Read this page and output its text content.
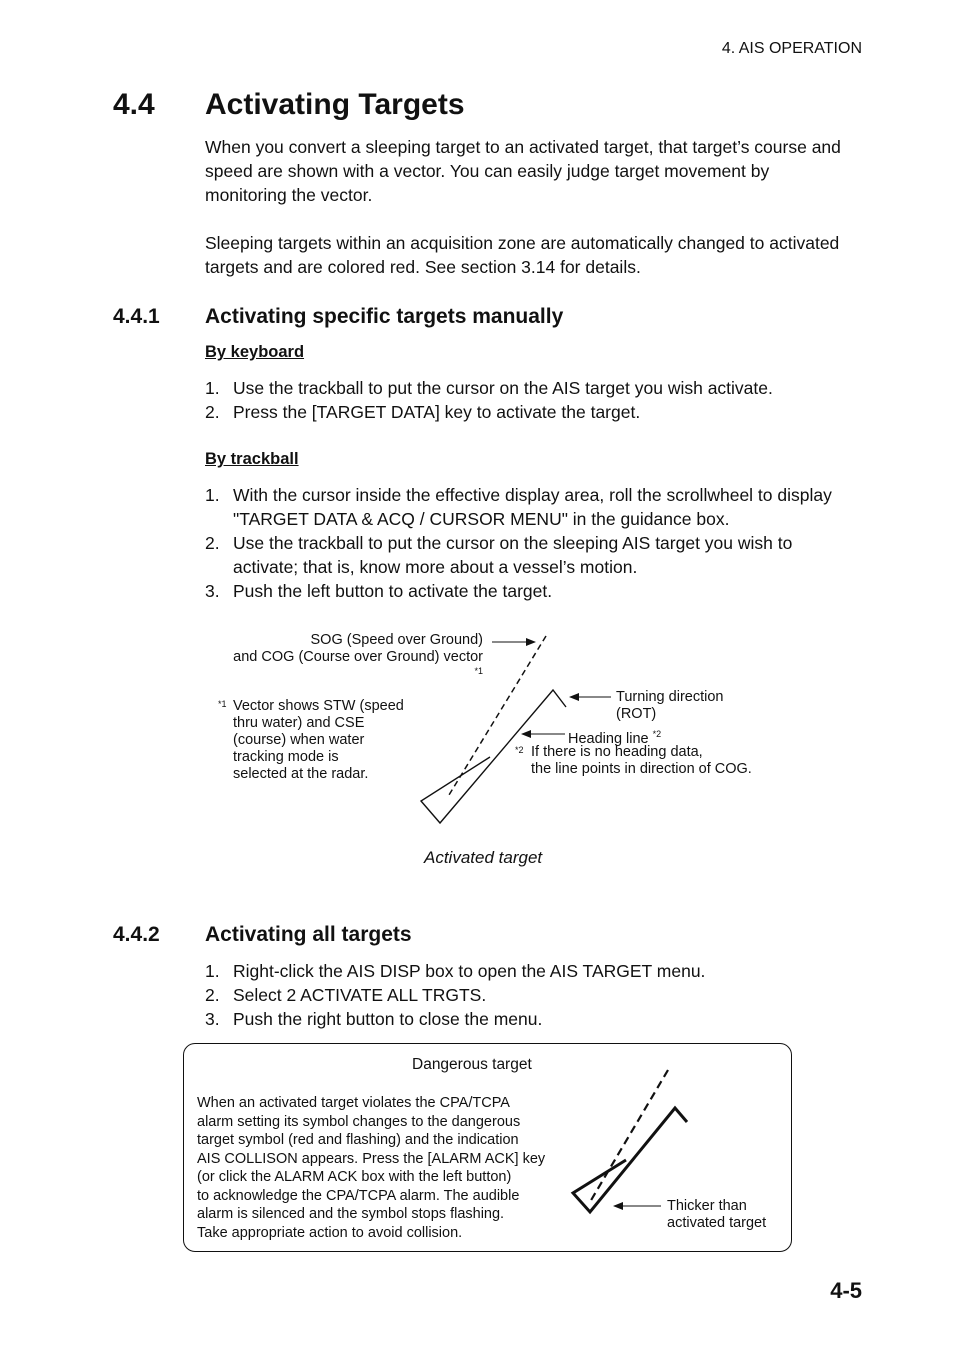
4. AIS OPERATION
4.4 Activating Targets
When you convert a sleeping target to an activated target, that target’s course and speed are shown with a vector. You can easily judge target movement by monitoring the vector.
Sleeping targets within an acquisition zone are automatically changed to activated targets and are colored red. See section 3.14 for details.
4.4.1 Activating specific targets manually
By keyboard
1. Use the trackball to put the cursor on the AIS target you wish activate.
2. Press the [TARGET DATA] key to activate the target.
By trackball
1. With the cursor inside the effective display area, roll the scrollwheel to display "TARGET DATA & ACQ / CURSOR MENU" in the guidance box.
2. Use the trackball to put the cursor on the sleeping AIS target you wish to activate; that is, know more about a vessel’s motion.
3. Push the left button to activate the target.
SOG (Speed over Ground)
and COG (Course over Ground) vector
*1
*1 Vector shows STW (speed
thru water) and CSE
(course) when water
tracking mode is
selected at the radar.
Turning direction
(ROT)
Heading line $^{*2}$
*2 If there is no heading data,
the line points in direction of COG.
Activated target
4.4.2 Activating all targets
1. Right-click the AIS DISP box to open the AIS TARGET menu.
2. Select 2 ACTIVATE ALL TRGTS.
3. Push the right button to close the menu.
Dangerous target
When an activated target violates the CPA/TCPA
alarm setting its symbol changes to the dangerous
target symbol (red and flashing) and the indication
AIS COLLISON appears. Press the [ALARM ACK] key
(or click the ALARM ACK box with the left button)
to acknowledge the CPA/TCPA alarm. The audible
alarm is silenced and the symbol stops flashing.
Take appropriate action to avoid collision.
Thicker than
activated target
4-5
